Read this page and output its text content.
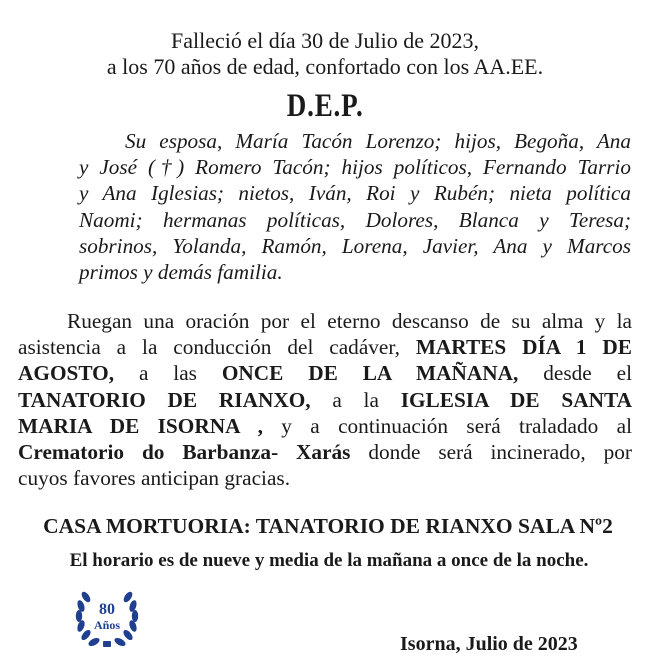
Falleció el día 30 de Julio de 2023,
a los 70 años de edad, confortado con los AA.EE.
D.E.P.
Su esposa, María Tacón Lorenzo; hijos, Begoña, Ana
y José (†) Romero Tacón; hijos políticos, Fernando Tarrio
y Ana Iglesias; nietos, Iván, Roi y Rubén; nieta política
Naomi; hermanas políticas, Dolores, Blanca y Teresa;
sobrinos, Yolanda, Ramón, Lorena, Javier, Ana y Marcos
primos y demás familia.
Ruegan una oración por el eterno descanso de su alma y la
asistencia a la conducción del cadáver, MARTES DÍA 1 DE
AGOSTO, a las ONCE DE LA MAÑANA, desde el
TANATORIO DE RIANXO, a la IGLESIA DE SANTA
MARIA DE ISORNA , y a continuación será traladado al
Crematorio do Barbanza- Xarás donde será incinerado, por
cuyos favores anticipan gracias.
CASA MORTUORIA: TANATORIO DE RIANXO SALA Nº2
El horario es de nueve y media de la mañana a once de la noche.
80
Años
Isorna, Julio de 2023
